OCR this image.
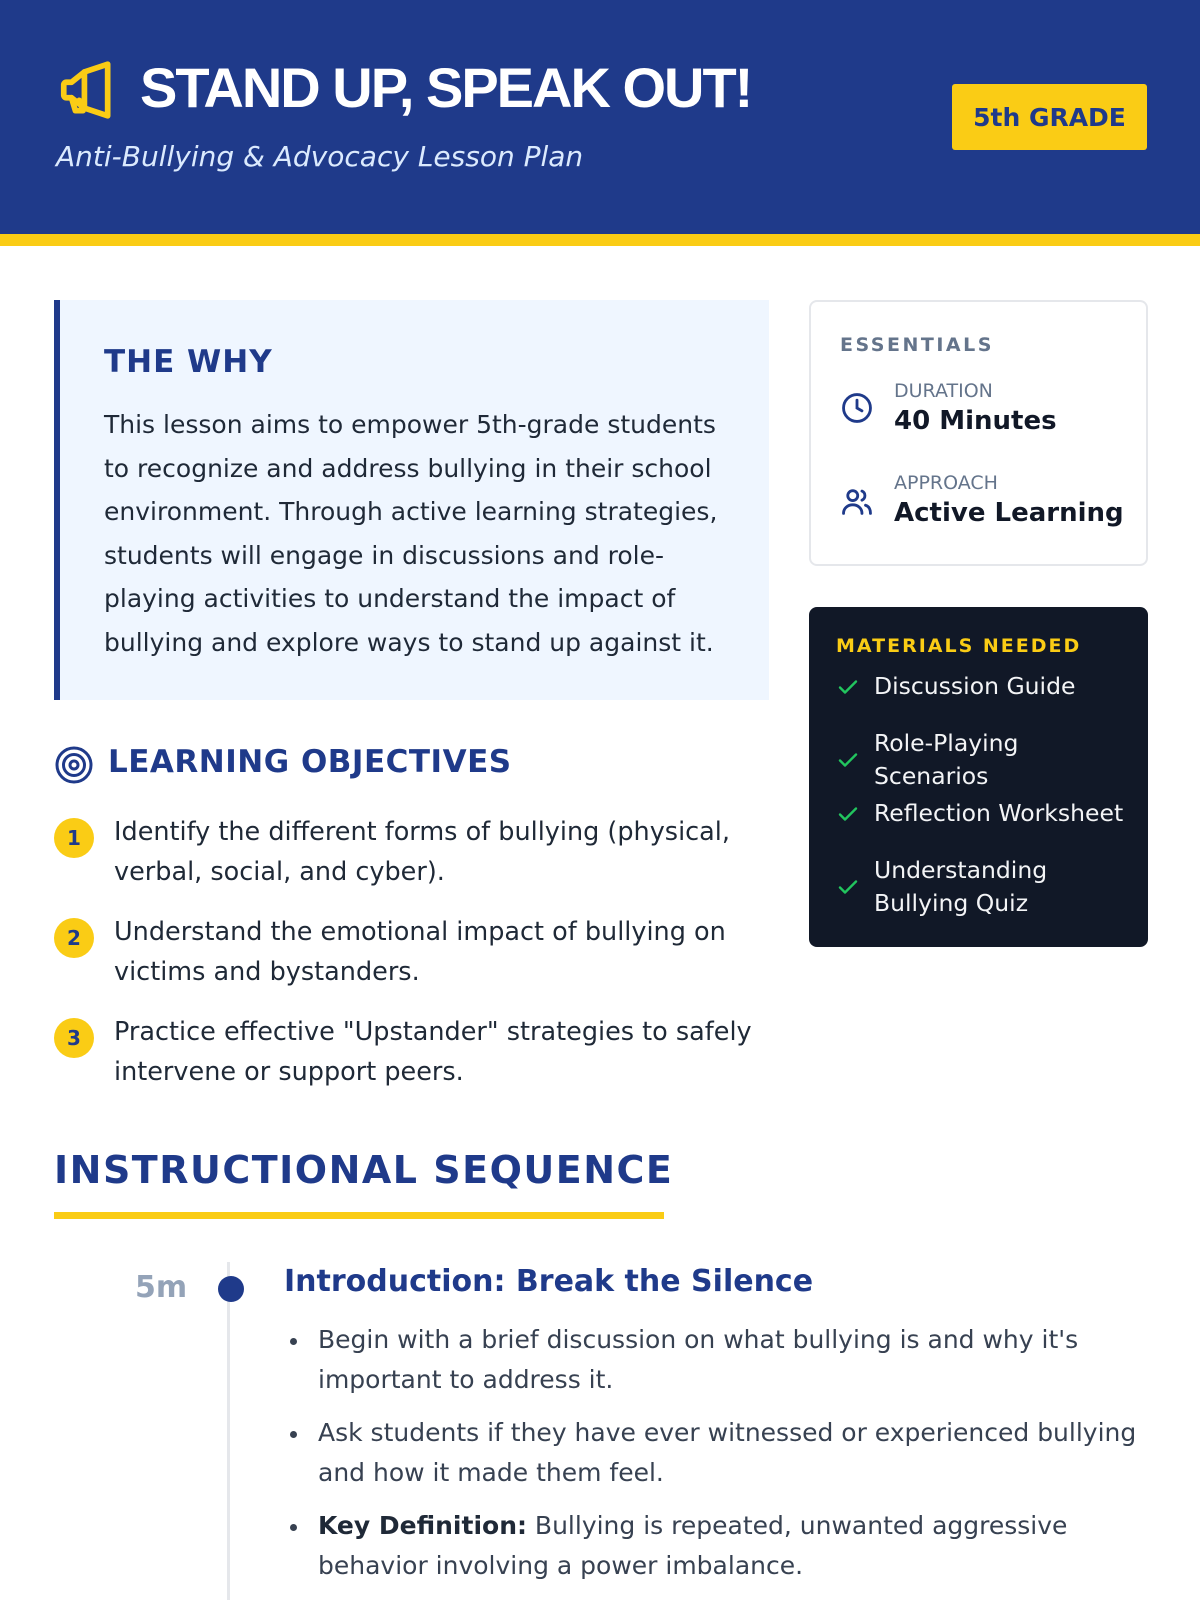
STAND UP, SPEAK OUT!
Anti-Bullying & Advocacy Lesson Plan
5th GRADE
THE WHY
This lesson aims to empower 5th-grade students to recognize and address bullying in their school environment. Through active learning strategies, students will engage in discussions and role-playing activities to understand the impact of bullying and explore ways to stand up against it.
LEARNING OBJECTIVES
1	Identify the different forms of bullying (physical, verbal, social, and cyber).
2	Understand the emotional impact of bullying on victims and bystanders.
3	Practice effective "Upstander" strategies to safely intervene or support peers.
INSTRUCTIONAL SEQUENCE
5m	Introduction: Break the Silence
Begin with a brief discussion on what bullying is and why it's important to address it.
Ask students if they have ever witnessed or experienced bullying and how it made them feel.
Key Definition: Bullying is repeated, unwanted aggressive behavior involving a power imbalance.
ESSENTIALS
DURATION
40 Minutes
APPROACH
Active Learning
MATERIALS NEEDED
Discussion Guide
Role-Playing Scenarios
Reflection Worksheet
Understanding Bullying Quiz
